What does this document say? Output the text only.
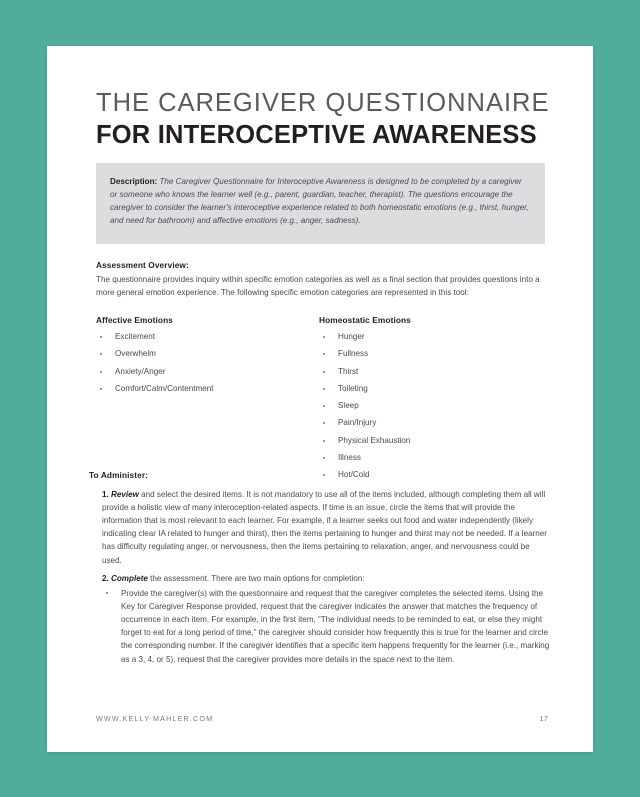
THE CAREGIVER QUESTIONNAIRE
FOR INTEROCEPTIVE AWARENESS

Description: The Caregiver Questionnaire for Interoceptive Awareness is designed to be completed by a caregiver or someone who knows the learner well (e.g., parent, guardian, teacher, therapist). The questions encourage the caregiver to consider the learner's interoceptive experience related to both homeostatic emotions (e.g., thirst, hunger, and need for bathroom) and affective emotions (e.g., anger, sadness).

Assessment Overview:
The questionnaire provides inquiry within specific emotion categories as well as a final section that provides questions into a more general emotion experience. The following specific emotion categories are represented in this tool:
Affective Emotions	Homeostatic Emotions
Excitement
Overwhelm
Anxiety/Anger
Comfort/Calm/Contentment
Hunger
Fullness
Thirst
Toileting
Sleep
Pain/Injury
Physical Exhaustion
Illness
Hot/Cold
To Administer:
1. Review and select the desired items. It is not mandatory to use all of the items included, although completing them all will provide a holistic view of many interoception-related aspects. If time is an issue, circle the items that will provide the information that is most relevant to each learner. For example, if a learner seeks out food and water independently (likely indicating clear IA related to hunger and thirst), then the items pertaining to hunger and thirst may not be needed. If a learner has difficulty regulating anger, or nervousness, then the items pertaining to relaxation, anger, and nervousness could be used.
2. Complete the assessment. There are two main options for completion:
Provide the caregiver(s) with the questionnaire and request that the caregiver completes the selected items. Using the Key for Caregiver Response provided, request that the caregiver indicates the answer that matches the frequency of occurrence in each item. For example, in the first item, “The individual needs to be reminded to eat, or else they might forget to eat for a long period of time,” the caregiver should consider how frequently this is true for the learner and circle the corresponding number. If the caregiver identifies that a specific item happens frequently for the learner (i.e., marking as a 3, 4, or 5), request that the caregiver provides more details in the space next to the item.
WWW.KELLY-MAHLER.COM	17
